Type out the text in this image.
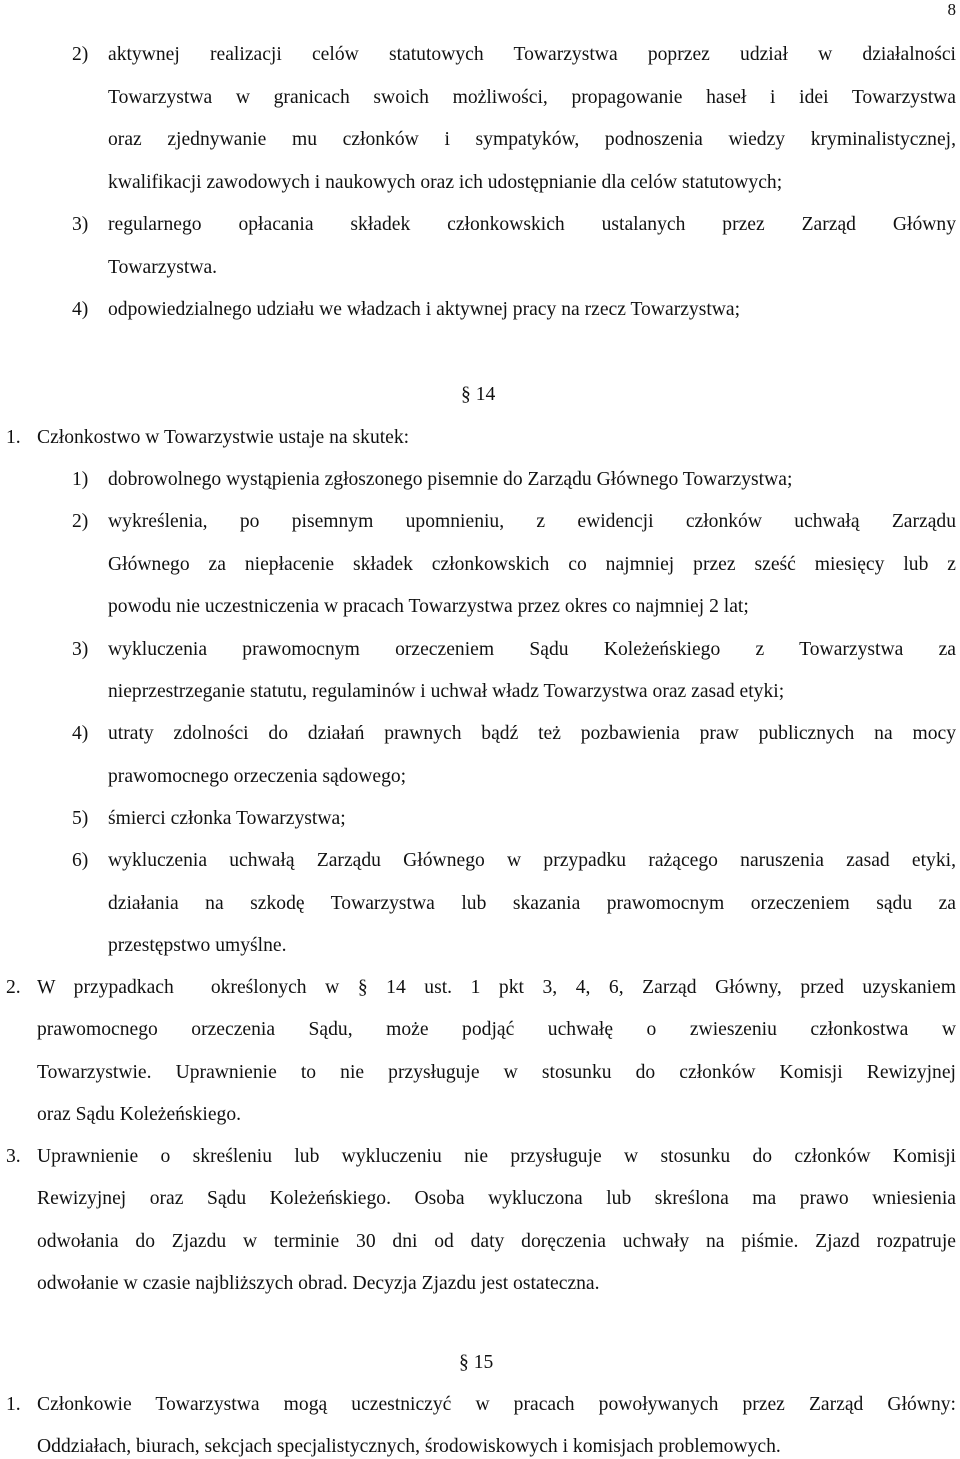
8
2) aktywnej realizacji celów statutowych Towarzystwa poprzez udział w działalności
Towarzystwa w granicach swoich możliwości, propagowanie haseł i idei Towarzystwa
oraz zjednywanie mu członków i sympatyków, podnoszenia wiedzy kryminalistycznej,
kwalifikacji zawodowych i naukowych oraz ich udostępnianie dla celów statutowych;
3) regularnego opłacania składek członkowskich ustalanych przez Zarząd Główny
Towarzystwa.
4) odpowiedzialnego udziału we władzach i aktywnej pracy na rzecz Towarzystwa;
§ 14
1. Członkostwo w Towarzystwie ustaje na skutek:
1) dobrowolnego wystąpienia zgłoszonego pisemnie do Zarządu Głównego Towarzystwa;
2) wykreślenia, po pisemnym upomnieniu, z ewidencji członków uchwałą Zarządu
Głównego za niepłacenie składek członkowskich co najmniej przez sześć miesięcy lub z
powodu nie uczestniczenia w pracach Towarzystwa przez okres co najmniej 2 lat;
3) wykluczenia prawomocnym orzeczeniem Sądu Koleżeńskiego z Towarzystwa za
nieprzestrzeganie statutu, regulaminów i uchwał władz Towarzystwa oraz zasad etyki;
4) utraty zdolności do działań prawnych bądź też pozbawienia praw publicznych na mocy
prawomocnego orzeczenia sądowego;
5) śmierci członka Towarzystwa;
6) wykluczenia uchwałą Zarządu Głównego w przypadku rażącego naruszenia zasad etyki,
działania na szkodę Towarzystwa lub skazania prawomocnym orzeczeniem sądu za
przestępstwo umyślne.
2. W przypadkach  określonych w § 14 ust. 1 pkt 3, 4, 6, Zarząd Główny, przed uzyskaniem
prawomocnego orzeczenia Sądu, może podjąć uchwałę o zwieszeniu członkostwa w
Towarzystwie. Uprawnienie to nie przysługuje w stosunku do członków Komisji Rewizyjnej
oraz Sądu Koleżeńskiego.
3. Uprawnienie o skreśleniu lub wykluczeniu nie przysługuje w stosunku do członków Komisji
Rewizyjnej oraz Sądu Koleżeńskiego. Osoba wykluczona lub skreślona ma prawo wniesienia
odwołania do Zjazdu w terminie 30 dni od daty doręczenia uchwały na piśmie. Zjazd rozpatruje
odwołanie w czasie najbliższych obrad. Decyzja Zjazdu jest ostateczna.
§ 15
1. Członkowie Towarzystwa mogą uczestniczyć w pracach powoływanych przez Zarząd Główny:
Oddziałach, biurach, sekcjach specjalistycznych, środowiskowych i komisjach problemowych.
